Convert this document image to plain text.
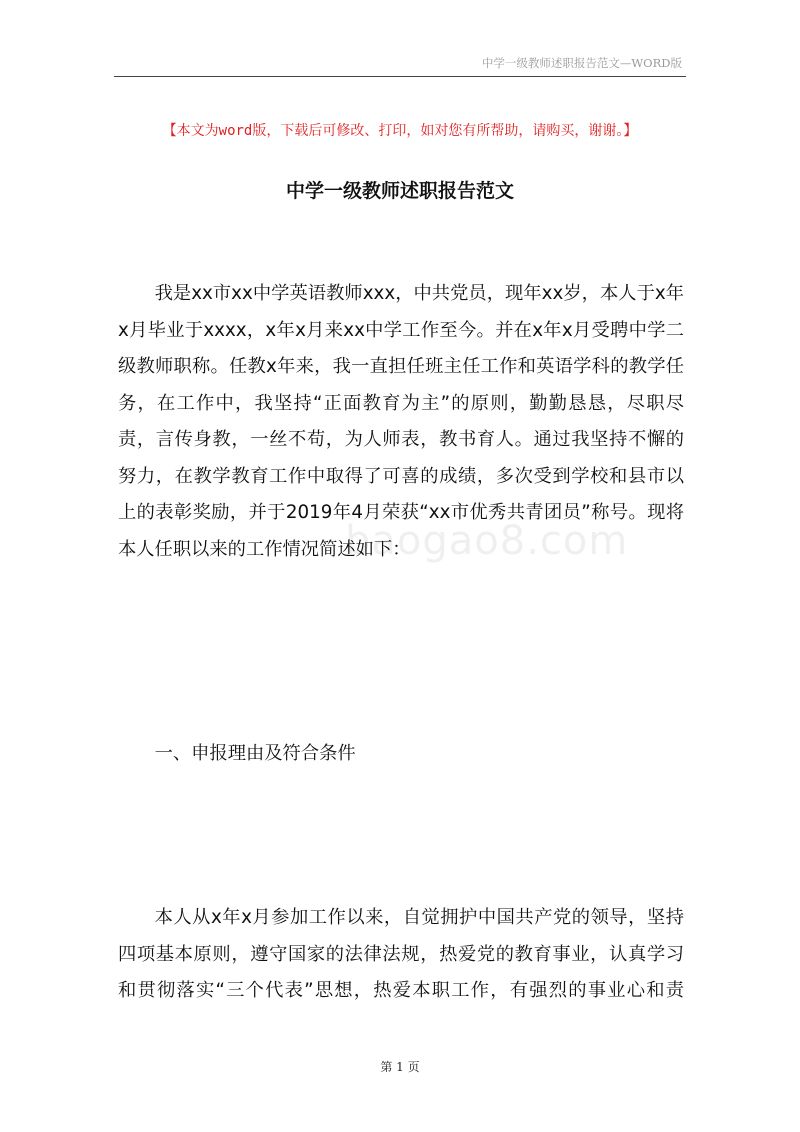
中学一级教师述职报告范文—WORD版
【本文为word版，下载后可修改、打印，如对您有所帮助，请购买，谢谢。】
中学一级教师述职报告范文

我是xx市xx中学英语教师xxx，中共党员，现年xx岁，本人于x年x月毕业于xxxx，x年x月来xx中学工作至今。并在x年x月受聘中学二级教师职称。任教x年来，我一直担任班主任工作和英语学科的教学任务，在工作中，我坚持“正面教育为主”的原则，勤勤恳恳，尽职尽责，言传身教，一丝不苟，为人师表，教书育人。通过我坚持不懈的努力，在教学教育工作中取得了可喜的成绩，多次受到学校和县市以上的表彰奖励，并于2019年4月荣获“xx市优秀共青团员”称号。现将本人任职以来的工作情况简述如下：

baogao8.com

一、申报理由及符合条件

本人从x年x月参加工作以来，自觉拥护中国共产党的领导，坚持四项基本原则，遵守国家的法律法规，热爱党的教育事业，认真学习和贯彻落实“三个代表”思想，热爱本职工作，有强烈的事业心和责

第 1 页
